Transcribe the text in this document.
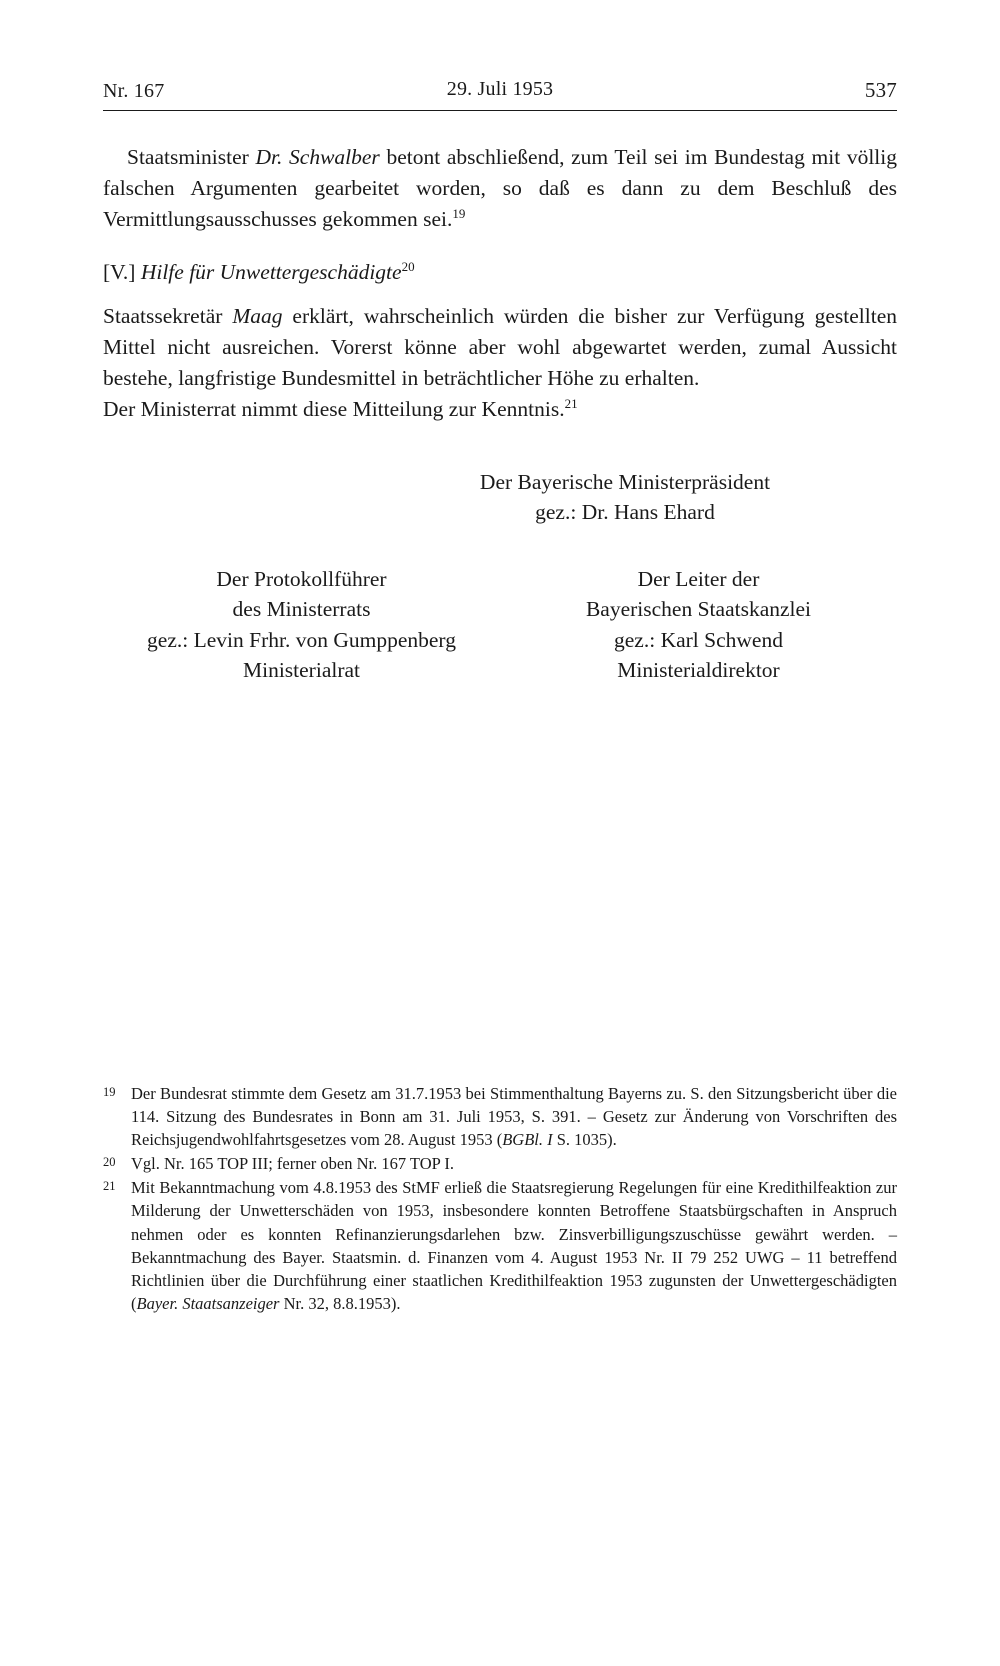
Nr. 167	29. Juli 1953	537

Staatsminister Dr. Schwalber betont abschließend, zum Teil sei im Bundestag mit völlig falschen Argumenten gearbeitet worden, so daß es dann zu dem Beschluß des Vermittlungsausschusses gekommen sei.$^{19}$

[V.] Hilfe für Unwettergeschädigte$^{20}$

Staatssekretär Maag erklärt, wahrscheinlich würden die bisher zur Verfügung gestellten Mittel nicht ausreichen. Vorerst könne aber wohl abgewartet werden, zumal Aussicht bestehe, langfristige Bundesmittel in beträchtlicher Höhe zu erhalten.

Der Ministerrat nimmt diese Mitteilung zur Kenntnis.$^{21}$

Der Bayerische Ministerpräsident
gez.: Dr. Hans Ehard
Der Protokollführer
des Ministerrats
gez.: Levin Frhr. von Gumppenberg
Ministerialrat
Der Leiter der
Bayerischen Staatskanzlei
gez.: Karl Schwend
Ministerialdirektor
19 Der Bundesrat stimmte dem Gesetz am 31.7.1953 bei Stimmenthaltung Bayerns zu. S. den Sitzungsbericht über die 114. Sitzung des Bundesrates in Bonn am 31. Juli 1953, S. 391. – Gesetz zur Änderung von Vorschriften des Reichsjugendwohlfahrtsgesetzes vom 28. August 1953 (BGBl. I S. 1035).
20 Vgl. Nr. 165 TOP III; ferner oben Nr. 167 TOP I.
21 Mit Bekanntmachung vom 4.8.1953 des StMF erließ die Staatsregierung Regelungen für eine Kredithilfeaktion zur Milderung der Unwetterschäden von 1953, insbesondere konnten Betroffene Staatsbürgschaften in Anspruch nehmen oder es konnten Refinanzierungsdarlehen bzw. Zinsverbilligungszuschüsse gewährt werden. – Bekanntmachung des Bayer. Staatsmin. d. Finanzen vom 4. August 1953 Nr. II 79 252 UWG – 11 betreffend Richtlinien über die Durchführung einer staatlichen Kredithilfeaktion 1953 zugunsten der Unwettergeschädigten (Bayer. Staatsanzeiger Nr. 32, 8.8.1953).
